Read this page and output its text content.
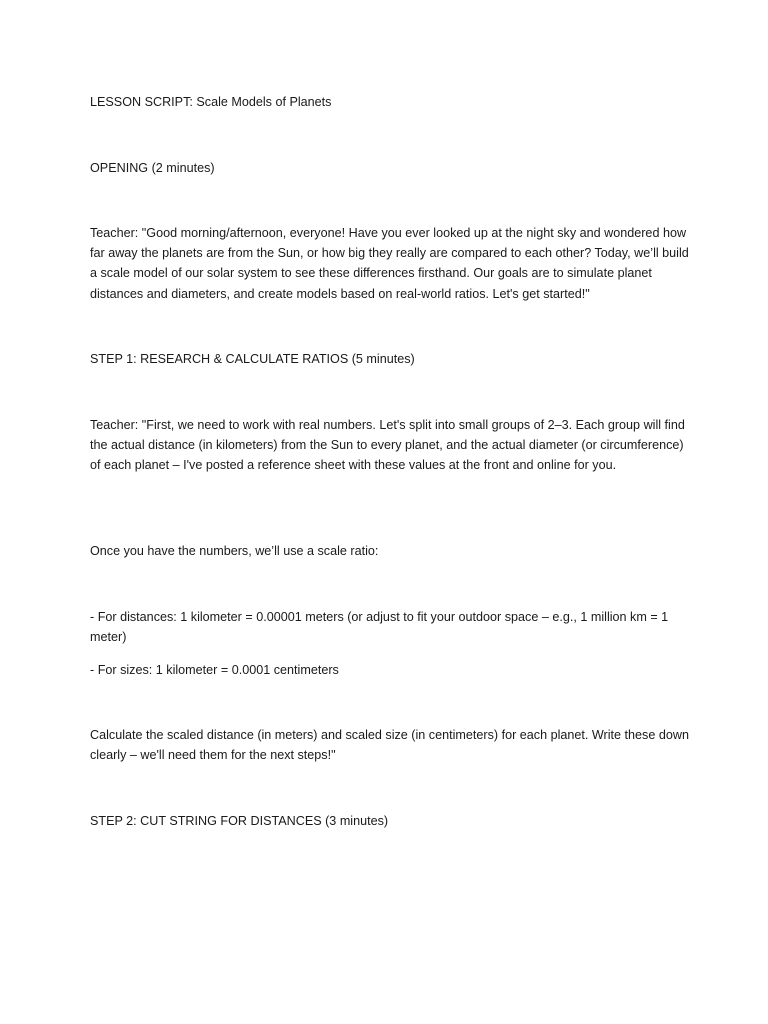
LESSON SCRIPT: Scale Models of Planets

OPENING (2 minutes)

Teacher: "Good morning/afternoon, everyone! Have you ever looked up at the night sky and wondered how far away the planets are from the Sun, or how big they really are compared to each other? Today, we’ll build a scale model of our solar system to see these differences firsthand. Our goals are to simulate planet distances and diameters, and create models based on real-world ratios. Let's get started!"

STEP 1: RESEARCH & CALCULATE RATIOS (5 minutes)

Teacher: "First, we need to work with real numbers. Let's split into small groups of 2–3. Each group will find the actual distance (in kilometers) from the Sun to every planet, and the actual diameter (or circumference) of each planet – I've posted a reference sheet with these values at the front and online for you.

Once you have the numbers, we’ll use a scale ratio:

- For distances: 1 kilometer = 0.00001 meters (or adjust to fit your outdoor space – e.g., 1 million km = 1 meter)

- For sizes: 1 kilometer = 0.0001 centimeters

Calculate the scaled distance (in meters) and scaled size (in centimeters) for each planet. Write these down clearly – we'll need them for the next steps!"

STEP 2: CUT STRING FOR DISTANCES (3 minutes)
